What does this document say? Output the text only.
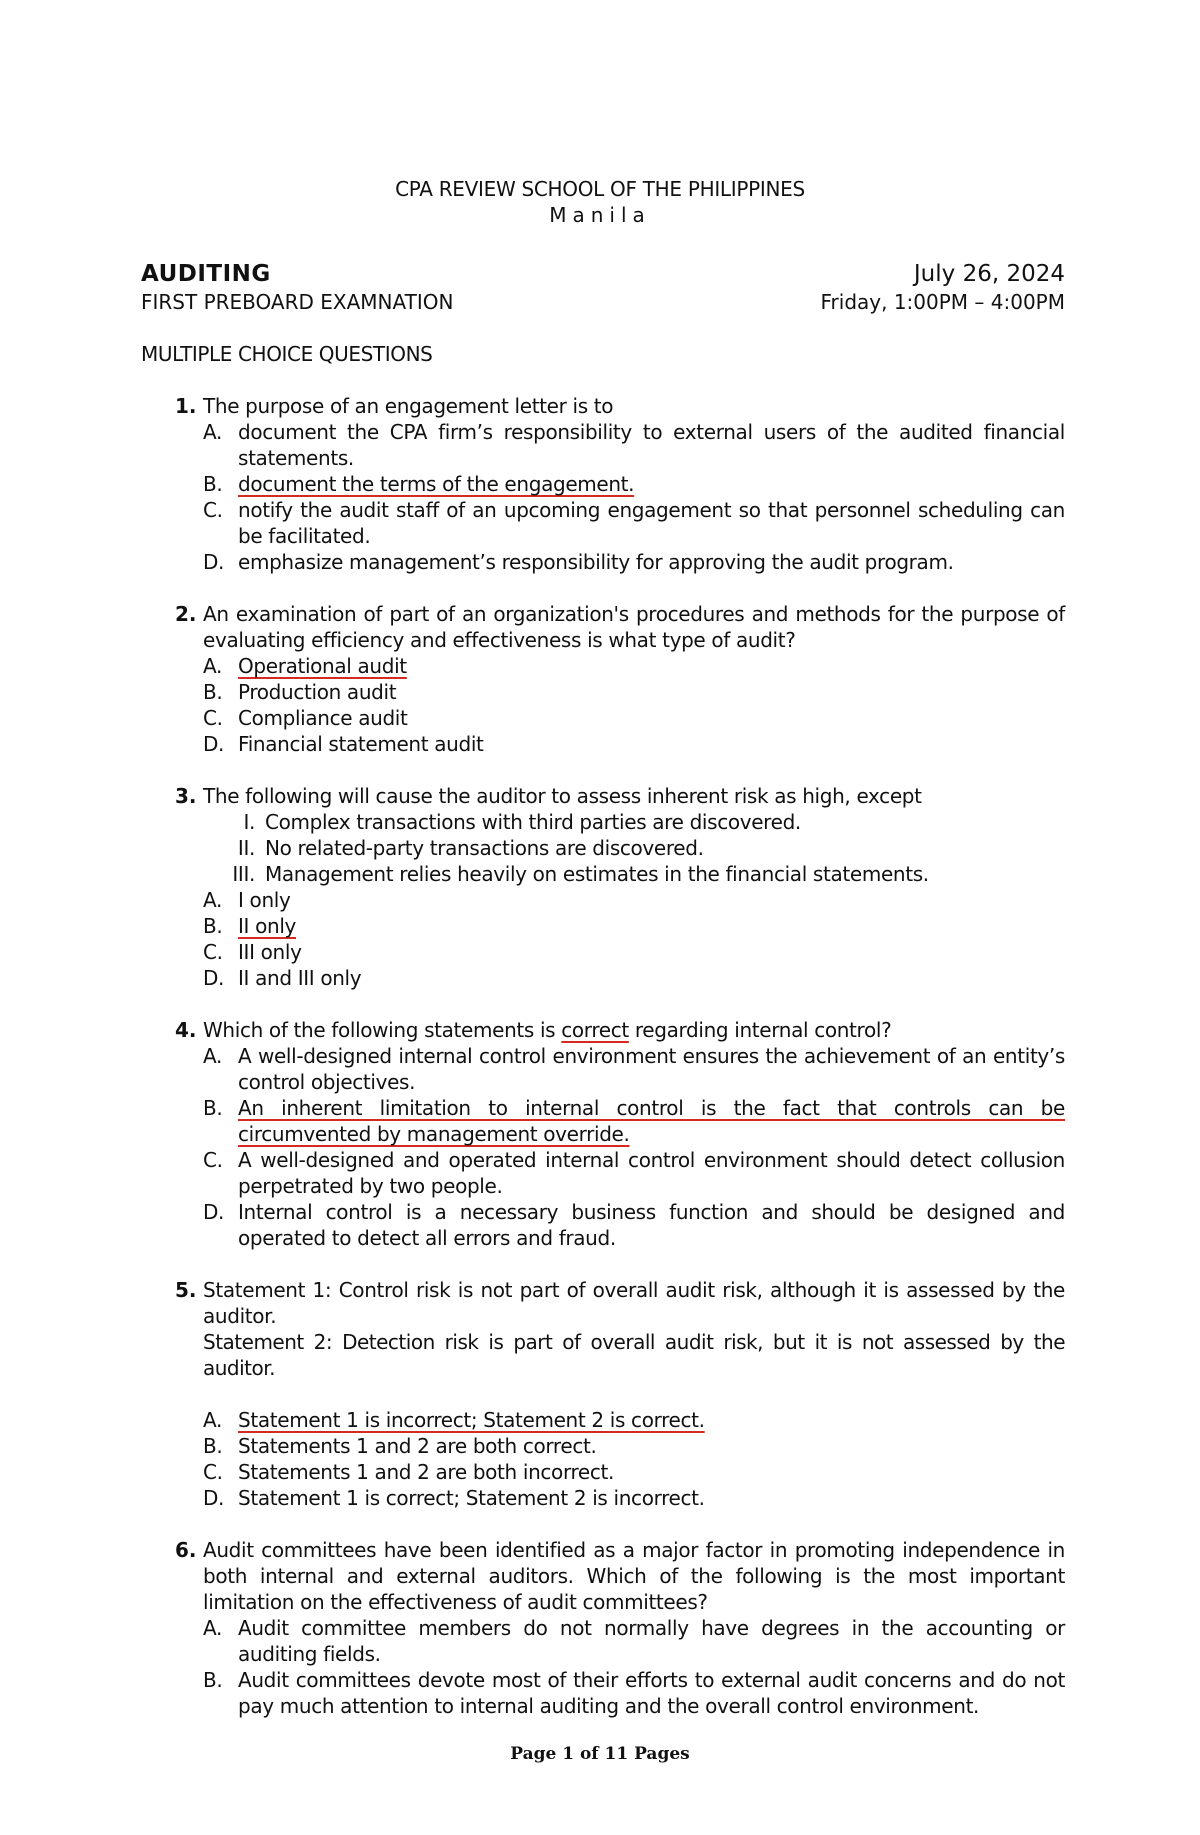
CPA REVIEW SCHOOL OF THE PHILIPPINES
Manila
AUDITING	July 26, 2024
FIRST PREBOARD EXAMNATION	Friday, 1:00PM – 4:00PM
MULTIPLE CHOICE QUESTIONS
1. The purpose of an engagement letter is to
A. document the CPA firm’s responsibility to external users of the audited financial statements.
B. document the terms of the engagement.
C. notify the audit staff of an upcoming engagement so that personnel scheduling can be facilitated.
D. emphasize management’s responsibility for approving the audit program.
2. An examination of part of an organization's procedures and methods for the purpose of evaluating efficiency and effectiveness is what type of audit?
A. Operational audit
B. Production audit
C. Compliance audit
D. Financial statement audit
3. The following will cause the auditor to assess inherent risk as high, except
I. Complex transactions with third parties are discovered.
II. No related-party transactions are discovered.
III. Management relies heavily on estimates in the financial statements.
A. I only
B. II only
C. III only
D. II and III only
4. Which of the following statements is correct regarding internal control?
A. A well-designed internal control environment ensures the achievement of an entity’s control objectives.
B. An inherent limitation to internal control is the fact that controls can be circumvented by management override.
C. A well-designed and operated internal control environment should detect collusion perpetrated by two people.
D. Internal control is a necessary business function and should be designed and operated to detect all errors and fraud.
5. Statement 1: Control risk is not part of overall audit risk, although it is assessed by the auditor.
Statement 2: Detection risk is part of overall audit risk, but it is not assessed by the auditor.
A. Statement 1 is incorrect; Statement 2 is correct.
B. Statements 1 and 2 are both correct.
C. Statements 1 and 2 are both incorrect.
D. Statement 1 is correct; Statement 2 is incorrect.
6. Audit committees have been identified as a major factor in promoting independence in both internal and external auditors. Which of the following is the most important limitation on the effectiveness of audit committees?
A. Audit committee members do not normally have degrees in the accounting or auditing fields.
B. Audit committees devote most of their efforts to external audit concerns and do not pay much attention to internal auditing and the overall control environment.
Page 1 of 11 Pages
